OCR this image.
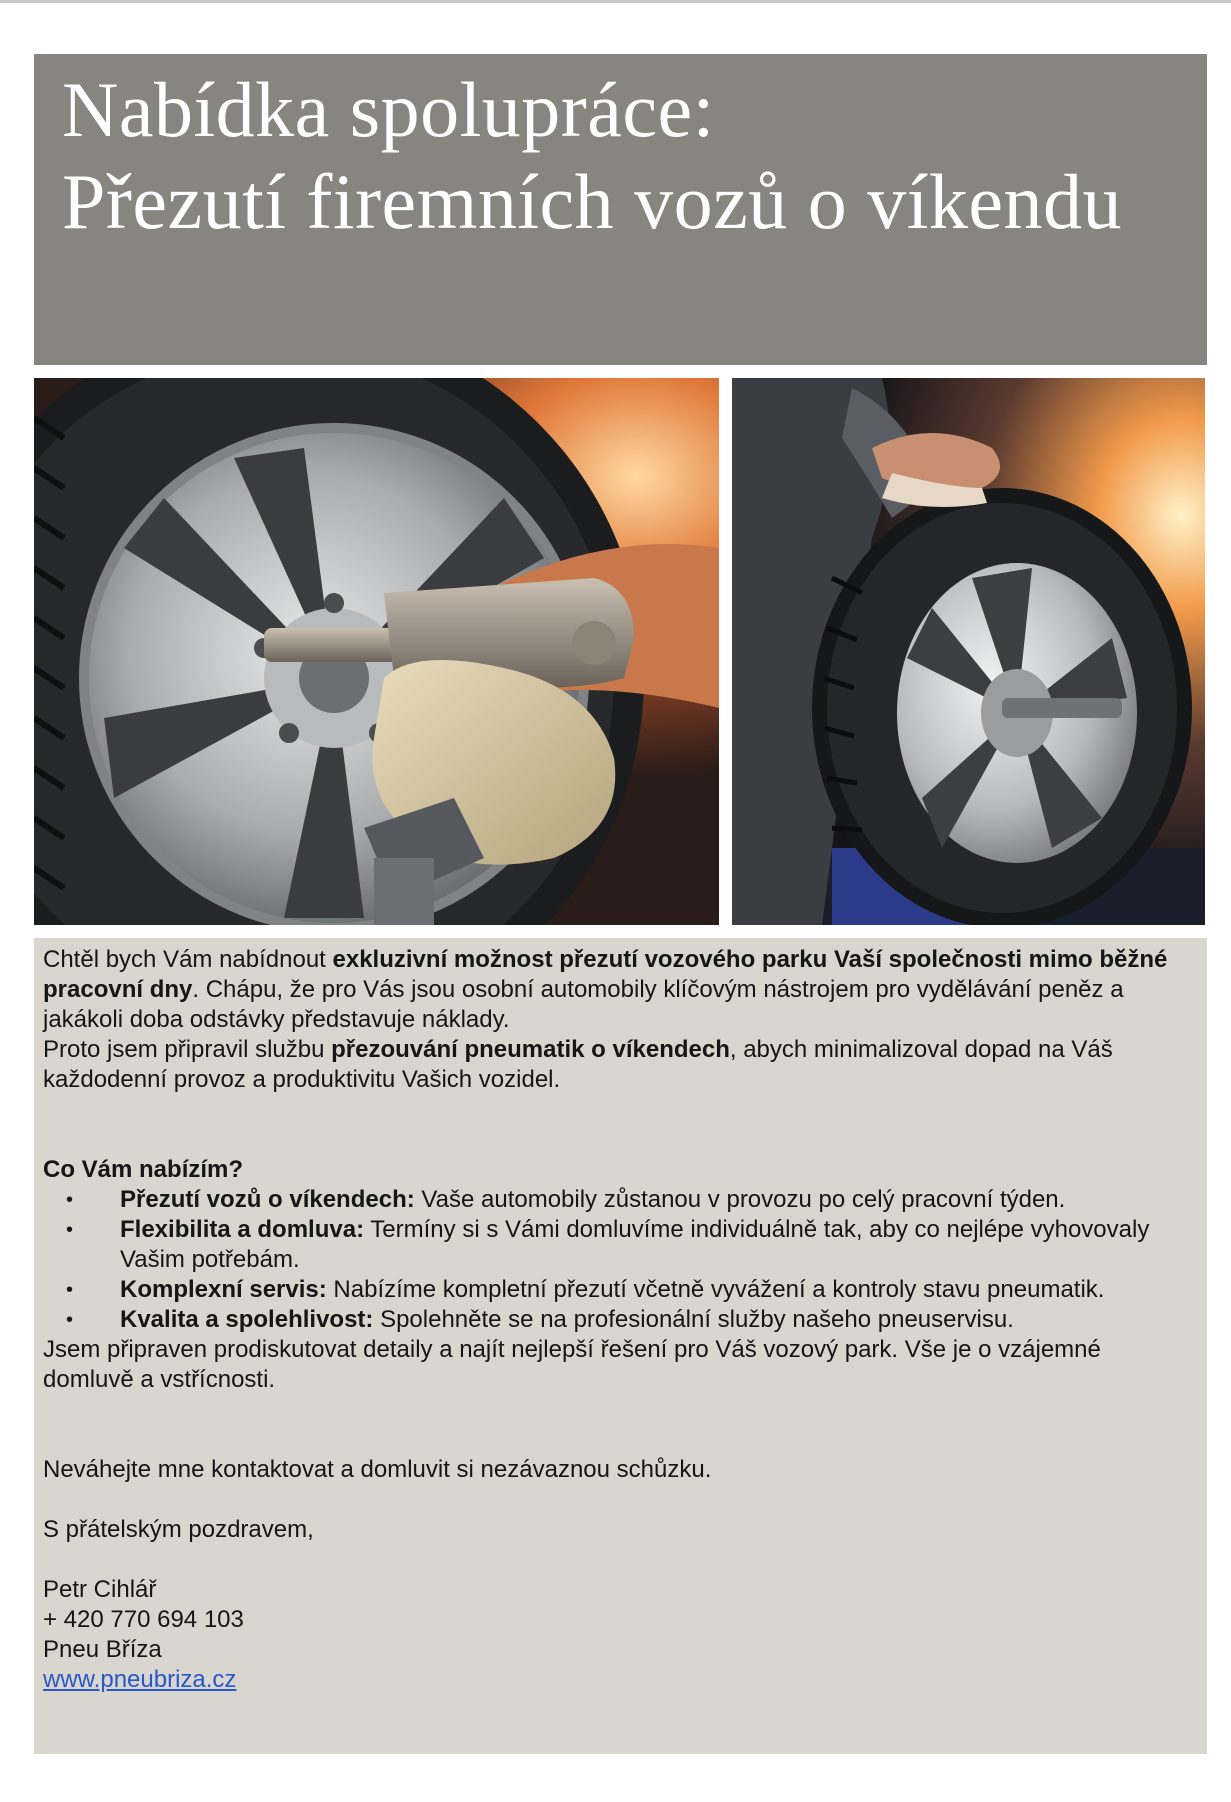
Nabídka spolupráce:
Přezutí firemních vozů o víkendu

Chtěl bych Vám nabídnout exkluzivní možnost přezutí vozového parku Vaší společnosti mimo běžné pracovní dny. Chápu, že pro Vás jsou osobní automobily klíčovým nástrojem pro vydělávání peněz a jakákoli doba odstávky představuje náklady.

Proto jsem připravil službu přezouvání pneumatik o víkendech, abych minimalizoval dopad na Váš každodenní provoz a produktivitu Vašich vozidel.

Co Vám nabízím?

• Přezutí vozů o víkendech: Vaše automobily zůstanou v provozu po celý pracovní týden.
• Flexibilita a domluva: Termíny si s Vámi domluvíme individuálně tak, aby co nejlépe vyhovovaly Vašim potřebám.
• Komplexní servis: Nabízíme kompletní přezutí včetně vyvážení a kontroly stavu pneumatik.
• Kvalita a spolehlivost: Spolehněte se na profesionální služby našeho pneuservisu.

Jsem připraven prodiskutovat detaily a najít nejlepší řešení pro Váš vozový park. Vše je o vzájemné domluvě a vstřícnosti.

Neváhejte mne kontaktovat a domluvit si nezávaznou schůzku.

S přátelským pozdravem,

Petr Cihlář

+ 420 770 694 103

Pneu Bříza

www.pneubriza.cz
